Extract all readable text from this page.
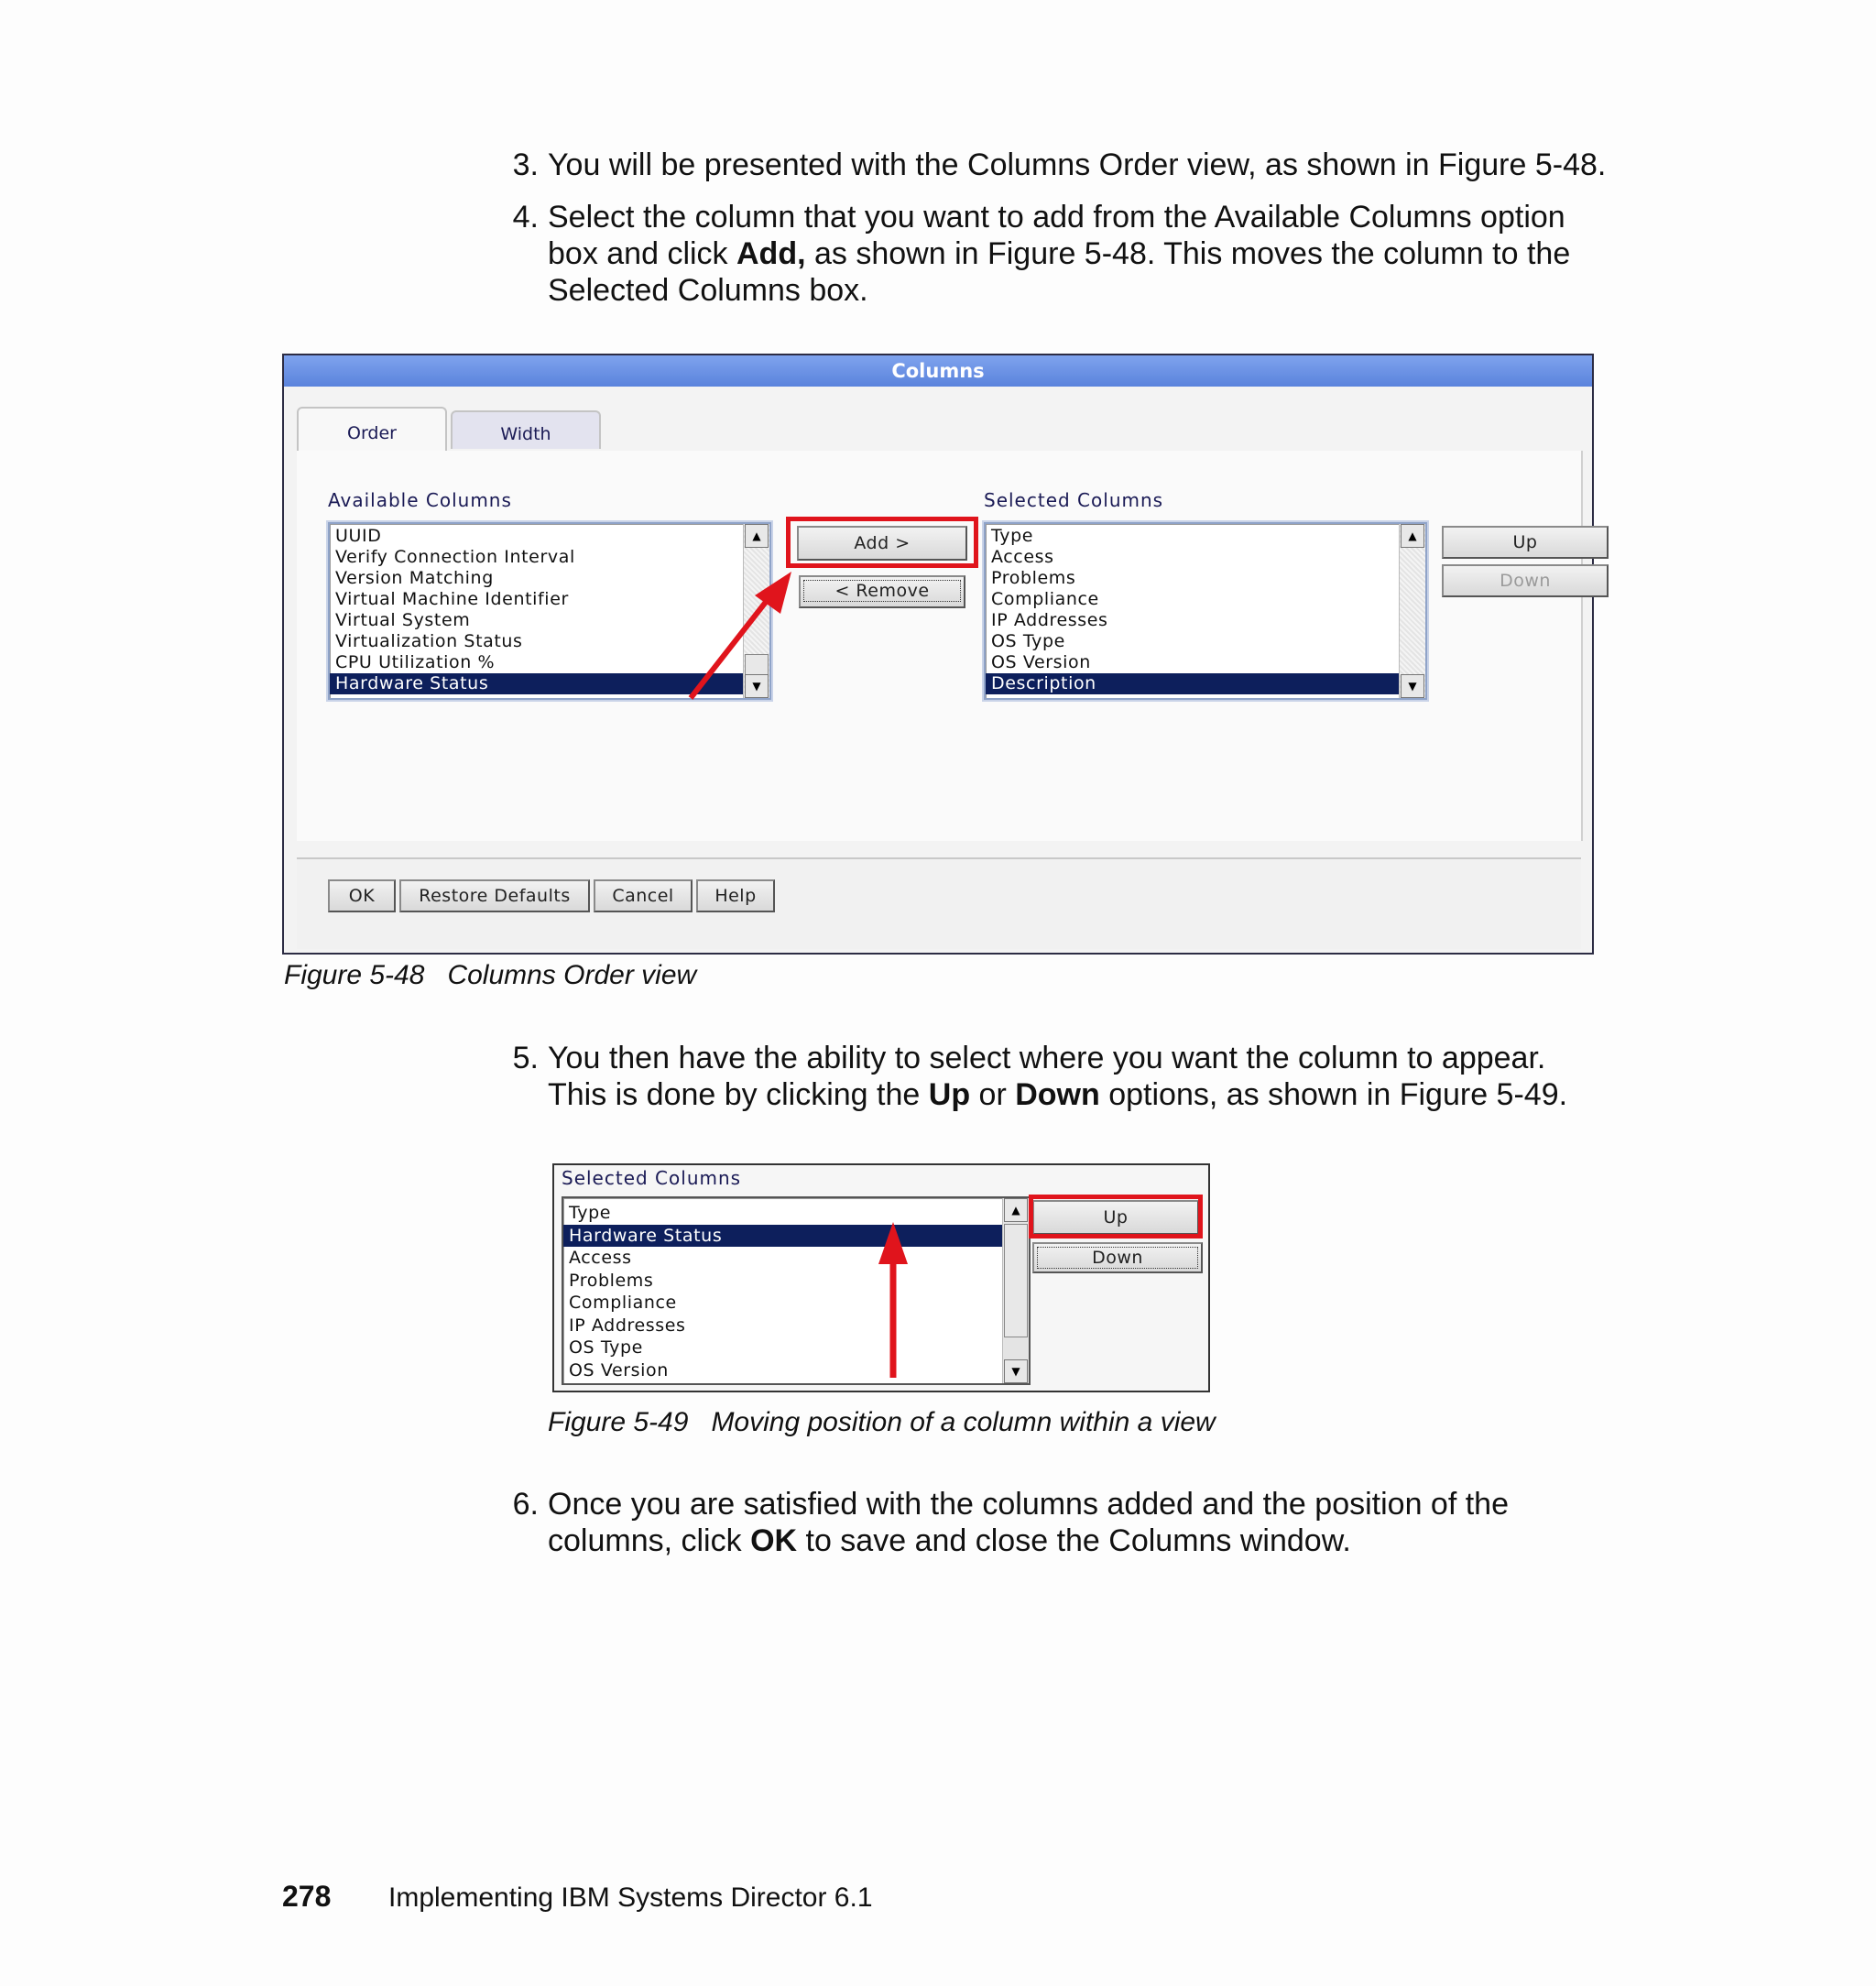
3. You will be presented with the Columns Order view, as shown in Figure 5-48.
4. Select the column that you want to add from the Available Columns option box and click Add, as shown in Figure 5-48. This moves the column to the Selected Columns box.
Columns
Order	Width
Available Columns
UUID
Verify Connection Interval
Version Matching
Virtual Machine Identifier
Virtual System
Virtualization Status
CPU Utilization %
Hardware Status
▲
▼
Add >
< Remove
Selected Columns
Type
Access
Problems
Compliance
IP Addresses
OS Type
OS Version
Description
▲
▼
Up
Down
OK	Restore Defaults	Cancel	Help
Figure 5-48 Columns Order view
5. You then have the ability to select where you want the column to appear. This is done by clicking the Up or Down options, as shown in Figure 5-49.
Selected Columns
Type
Hardware Status
Access
Problems
Compliance
IP Addresses
OS Type
OS Version
▲
▼
Up
Down
Figure 5-49 Moving position of a column within a view
6. Once you are satisfied with the columns added and the position of the columns, click OK to save and close the Columns window.
278 Implementing IBM Systems Director 6.1
